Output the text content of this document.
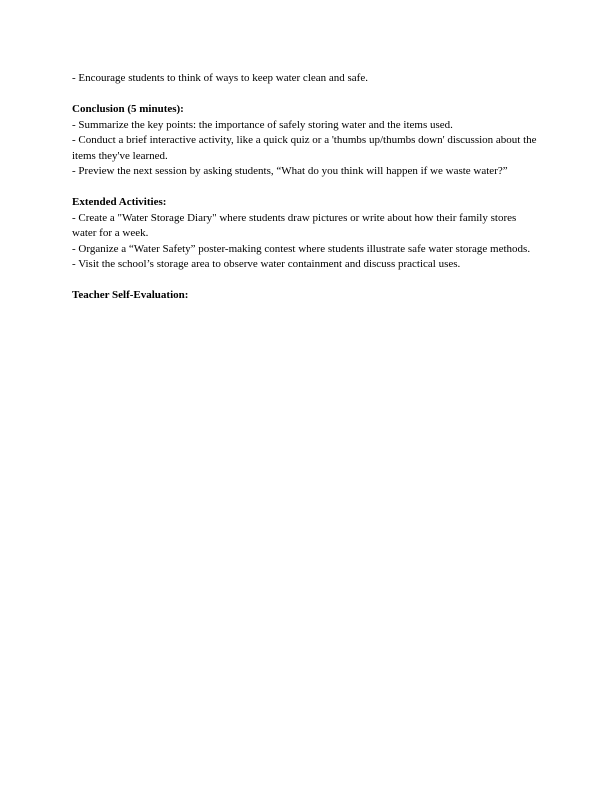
- Encourage students to think of ways to keep water clean and safe.

Conclusion (5 minutes):

- Summarize the key points: the importance of safely storing water and the items used.

- Conduct a brief interactive activity, like a quick quiz or a 'thumbs up/thumbs down' discussion about the items they've learned.

- Preview the next session by asking students, “What do you think will happen if we waste water?”

Extended Activities:

- Create a "Water Storage Diary" where students draw pictures or write about how their family stores water for a week.

- Organize a “Water Safety” poster-making contest where students illustrate safe water storage methods.

- Visit the school’s storage area to observe water containment and discuss practical uses.

Teacher Self-Evaluation:
